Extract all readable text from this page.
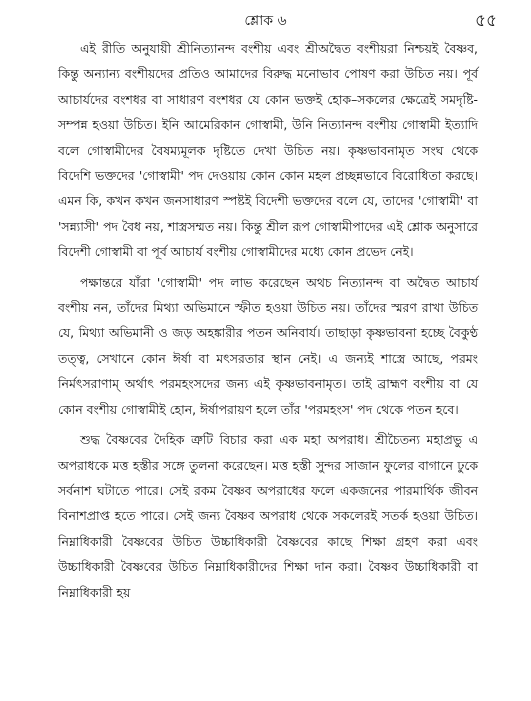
শ্লোক ৬	৫৫

এই রীতি অনুযায়ী শ্রীনিত্যানন্দ বংশীয় এবং শ্রীঅদ্বৈত বংশীয়রা নিশ্চয়ই বৈষ্ণব, কিন্তু অন্যান্য বংশীয়দের প্রতিও আমাদের বিরুদ্ধ মনোভাব পোষণ করা উচিত নয়। পূর্ব আচার্যদের বংশধর বা সাধারণ বংশধর যে কোন ভক্তই হোক–সকলের ক্ষেত্রেই সমদৃষ্টি-সম্পন্ন হওয়া উচিত। ইনি আমেরিকান গোস্বামী, উনি নিত্যানন্দ বংশীয় গোস্বামী ইত্যাদি বলে গোস্বামীদের বৈষম্যমূলক দৃষ্টিতে দেখা উচিত নয়। কৃষ্ণভাবনামৃত সংঘ থেকে বিদেশি ভক্তদের 'গোস্বামী' পদ দেওয়ায় কোন কোন মহল প্রচ্ছন্নভাবে বিরোধিতা করছে। এমন কি, কখন কখন জনসাধারণ স্পষ্টই বিদেশী ভক্তদের বলে যে, তাদের 'গোস্বামী' বা 'সন্ন্যাসী' পদ বৈধ নয়, শাস্ত্রসম্মত নয়। কিন্তু শ্রীল রূপ গোস্বামীপাদের এই শ্লোক অনুসারে বিদেশী গোস্বামী বা পূর্ব আচার্য বংশীয় গোস্বামীদের মধ্যে কোন প্রভেদ নেই।

পক্ষান্তরে যাঁরা 'গোস্বামী' পদ লাভ করেছেন অথচ নিত্যানন্দ বা অদ্বৈত আচার্য বংশীয় নন, তাঁদের মিথ্যা অভিমানে স্ফীত হওয়া উচিত নয়। তাঁদের স্মরণ রাখা উচিত যে, মিথ্যা অভিমানী ও জড় অহঙ্কারীর পতন অনিবার্য। তাছাড়া কৃষ্ণভাবনা হচ্ছে বৈকুণ্ঠ তত্ত্ব, সেখানে কোন ঈর্ষা বা মৎসরতার স্থান নেই। এ জন্যই শাস্ত্রে আছে, পরমং নির্মৎসরাণাম্ অর্থাৎ পরমহংসদের জন্য এই কৃষ্ণভাবনামৃত। তাই ব্রাহ্মণ বংশীয় বা যে কোন বংশীয় গোস্বামীই হোন, ঈর্ষাপরায়ণ হলে তাঁর 'পরমহংস' পদ থেকে পতন হবে।

শুদ্ধ বৈষ্ণবের দৈহিক ত্রুটি বিচার করা এক মহা অপরাধ। শ্রীচৈতন্য মহাপ্রভু এ অপরাধকে মত্ত হস্তীর সঙ্গে তুলনা করেছেন। মত্ত হস্তী সুন্দর সাজান ফুলের বাগানে ঢুকে সর্বনাশ ঘটাতে পারে। সেই রকম বৈষ্ণব অপরাধের ফলে একজনের পারমার্থিক জীবন বিনাশপ্রাপ্ত হতে পারে। সেই জন্য বৈষ্ণব অপরাধ থেকে সকলেরই সতর্ক হওয়া উচিত। নিম্নাধিকারী বৈষ্ণবের উচিত উচ্চাধিকারী বৈষ্ণবের কাছে শিক্ষা গ্রহণ করা এবং উচ্চাধিকারী বৈষ্ণবের উচিত নিম্নাধিকারীদের শিক্ষা দান করা। বৈষ্ণব উচ্চাধিকারী বা নিম্নাধিকারী হয়
